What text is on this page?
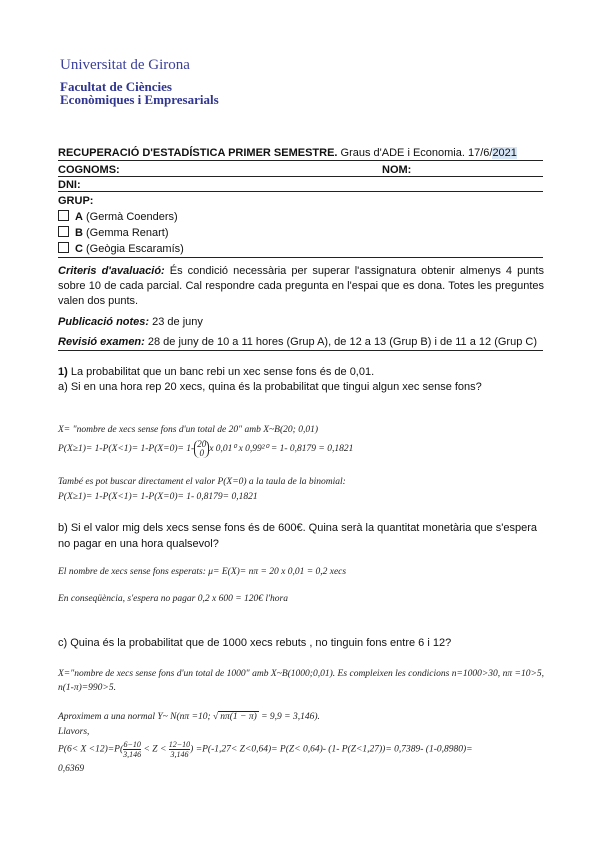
Universitat de Girona
Facultat de Ciències
Econòmiques i Empresarials
RECUPERACIÓ D'ESTADÍSTICA PRIMER SEMESTRE. Graus d'ADE i Economia. 17/6/2021
COGNOMS:	NOM:
DNI:
GRUP:
A (Germà Coenders)
B (Gemma Renart)
C (Geògia Escaramís)
Criteris d'avaluació: És condició necessària per superar l'assignatura obtenir almenys 4 punts sobre 10 de cada parcial. Cal respondre cada pregunta en l'espai que es dona. Totes les preguntes valen dos punts.
Publicació notes: 23 de juny
Revisió examen: 28 de juny de 10 a 11 hores (Grup A), de 12 a 13 (Grup B) i de 11 a 12 (Grup C)
1) La probabilitat que un banc rebi un xec sense fons és de 0,01.
a) Si en una hora rep 20 xecs, quina és la probabilitat que tingui algun xec sense fons?
X= "nombre de xecs sense fons d'un total de 20" amb X~B(20; 0,01)
P(X≥1)= 1-P(X<1)= 1-P(X=0)= 1-
20
0 x 0,01⁰ x 0,99²⁰ = 1- 0,8179 = 0,1821
També es pot buscar directament el valor P(X=0) a la taula de la binomial:
P(X≥1)= 1-P(X<1)= 1-P(X=0)= 1- 0,8179= 0,1821
b) Si el valor mig dels xecs sense fons és de 600€. Quina serà la quantitat monetària que s'espera no pagar en una hora qualsevol?
El nombre de xecs sense fons esperats: μ= E(X)= nπ = 20 x 0,01 = 0,2 xecs
En conseqüència, s'espera no pagar 0,2 x 600 = 120€ l'hora
c) Quina és la probabilitat que de 1000 xecs rebuts , no tinguin fons entre 6 i 12?
X="nombre de xecs sense fons d'un total de 1000" amb X~B(1000;0,01). Es compleixen les condicions n=1000>30, nπ =10>5, n(1-π)=990>5.
Aproximem a una normal Y~ N(nπ =10; √ nπ(1 − π) = 9,9 = 3,146).
Llavors,
$P(6< X <12)=P( \frac{6-10}{3,146} < Z < \frac{12-10}{3,146}$ ) =P(-1,27< Z<0,64)= P(Z< 0,64)- (1- P(Z<1,27))= 0,7389- (1-0,8980)=
0,6369
